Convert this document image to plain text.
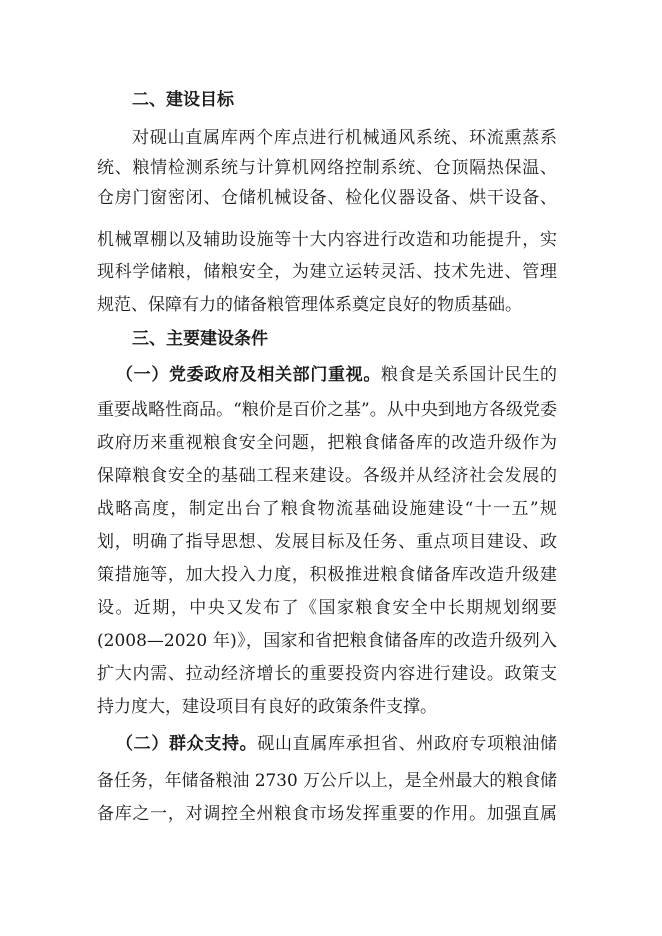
二、建设目标
对砚山直属库两个库点进行机械通风系统、环流熏蒸系
统、粮情检测系统与计算机网络控制系统、仓顶隔热保温、
仓房门窗密闭、仓储机械设备、检化仪器设备、烘干设备、
机械罩棚以及辅助设施等十大内容进行改造和功能提升，实
现科学储粮，储粮安全，为建立运转灵活、技术先进、管理
规范、保障有力的储备粮管理体系奠定良好的物质基础。
三、主要建设条件
（一）党委政府及相关部门重视。粮食是关系国计民生的
重要战略性商品。“粮价是百价之基”。从中央到地方各级党委
政府历来重视粮食安全问题，把粮食储备库的改造升级作为
保障粮食安全的基础工程来建设。各级并从经济社会发展的
战略高度，制定出台了粮食物流基础设施建设“十一五”规
划，明确了指导思想、发展目标及任务、重点项目建设、政
策措施等，加大投入力度，积极推进粮食储备库改造升级建
设。近期，中央又发布了《国家粮食安全中长期规划纲要
(2008—2020 年)》，国家和省把粮食储备库的改造升级列入
扩大内需、拉动经济增长的重要投资内容进行建设。政策支
持力度大，建设项目有良好的政策条件支撑。
（二）群众支持。砚山直属库承担省、州政府专项粮油储
备任务，年储备粮油 2730 万公斤以上，是全州最大的粮食储
备库之一，对调控全州粮食市场发挥重要的作用。加强直属
